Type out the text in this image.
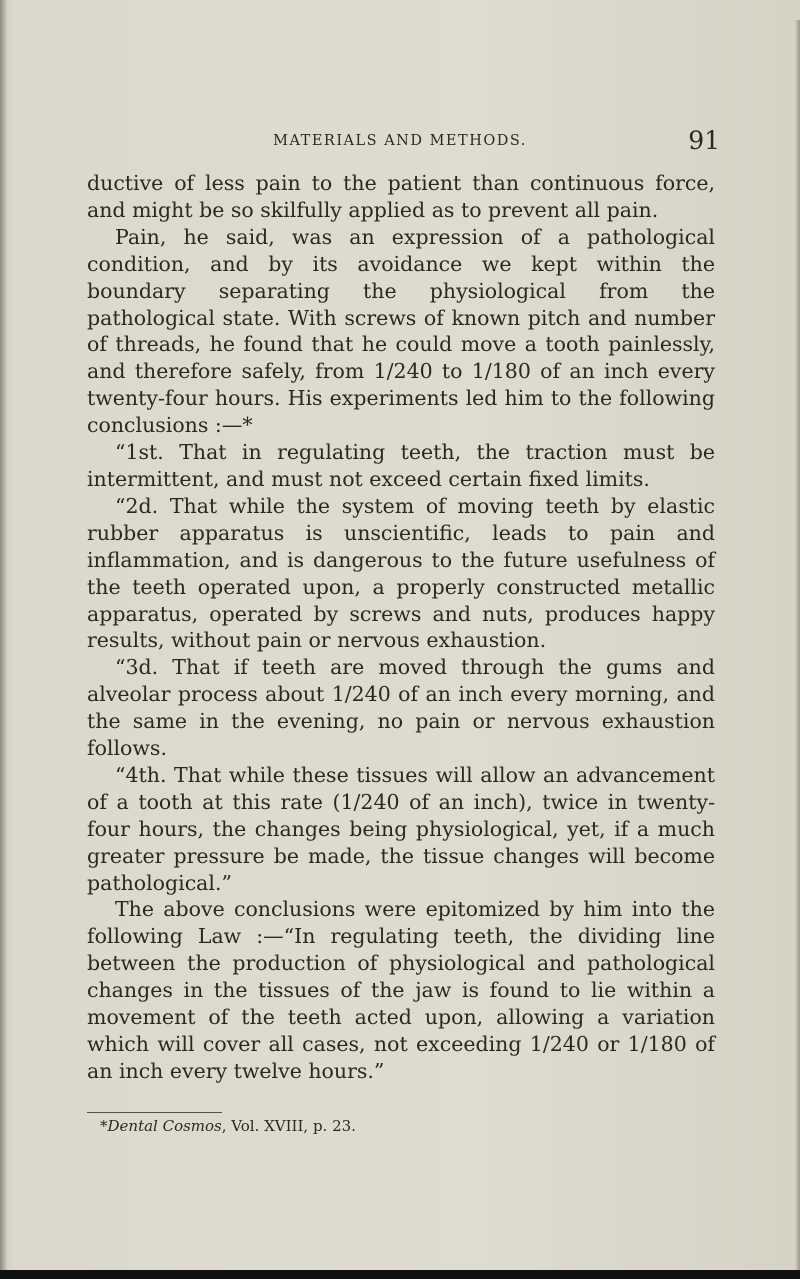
MATERIALS AND METHODS.	91

ductive of less pain to the patient than continuous force, and might be so skilfully applied as to prevent all pain.

Pain, he said, was an expression of a pathological condition, and by its avoidance we kept within the boundary separating the physiological from the pathological state. With screws of known pitch and number of threads, he found that he could move a tooth painlessly, and therefore safely, from 1/240 to 1/180 of an inch every twenty-four hours. His experiments led him to the following conclusions :—*

“1st. That in regulating teeth, the traction must be intermittent, and must not exceed certain fixed limits.

“2d. That while the system of moving teeth by elastic rubber apparatus is unscientific, leads to pain and inflammation, and is dangerous to the future usefulness of the teeth operated upon, a properly constructed metallic apparatus, operated by screws and nuts, produces happy results, without pain or nervous exhaustion.

“3d. That if teeth are moved through the gums and alveolar process about 1/240 of an inch every morning, and the same in the evening, no pain or nervous exhaustion follows.

“4th. That while these tissues will allow an advancement of a tooth at this rate (1/240 of an inch), twice in twenty-four hours, the changes being physiological, yet, if a much greater pressure be made, the tissue changes will become pathological.”

The above conclusions were epitomized by him into the following Law :—“In regulating teeth, the dividing line between the production of physiological and pathological changes in the tissues of the jaw is found to lie within a movement of the teeth acted upon, allowing a variation which will cover all cases, not exceeding 1/240 or 1/180 of an inch every twelve hours.”

*Dental Cosmos, Vol. XVIII, p. 23.
